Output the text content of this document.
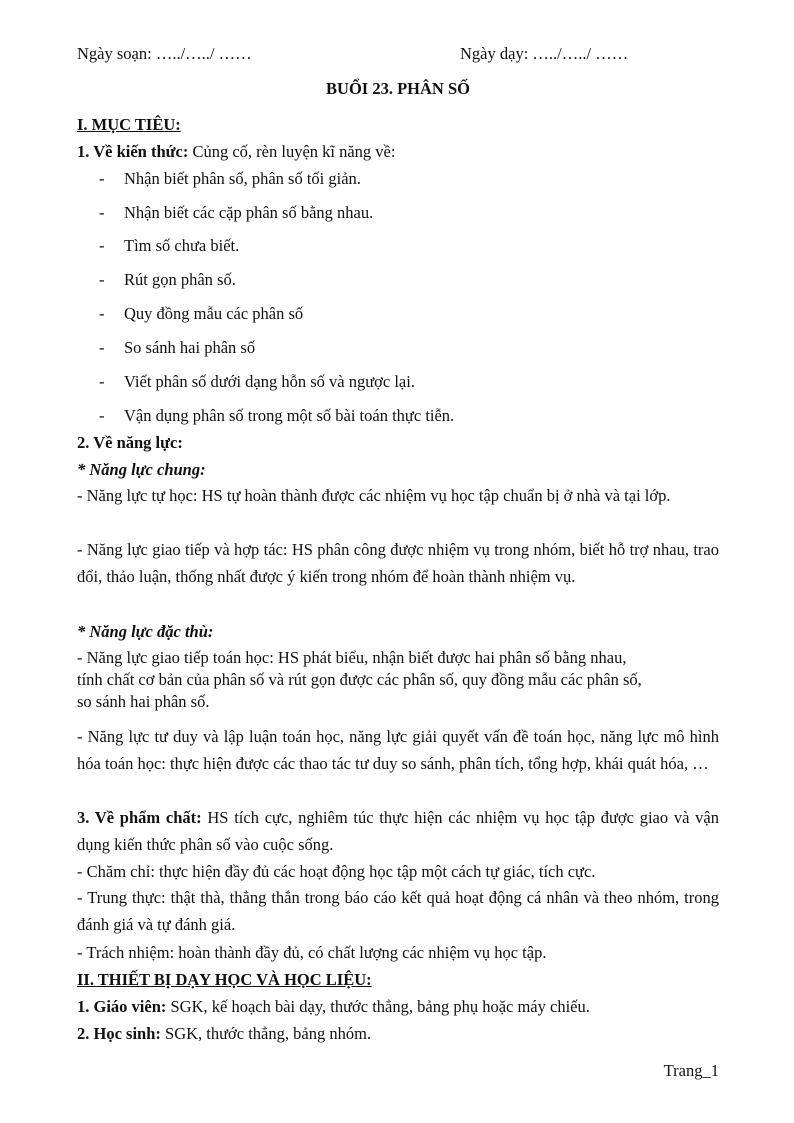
Ngày soạn: …../…../ ……	Ngày dạy: …../…../ ……
BUỔI 23. PHÂN SỐ
I. MỤC TIÊU:
1. Về kiến thức: Củng cố, rèn luyện kĩ năng về:
- Nhận biết phân số, phân số tối giản.
- Nhận biết các cặp phân số bằng nhau.
- Tìm số chưa biết.
- Rút gọn phân số.
- Quy đồng mẫu các phân số
- So sánh hai phân số
- Viết phân số dưới dạng hỗn số và ngược lại.
- Vận dụng phân số trong một số bài toán thực tiễn.
2. Về năng lực:
* Năng lực chung:
- Năng lực tự học: HS tự hoàn thành được các nhiệm vụ học tập chuẩn bị ở nhà và tại lớp.
- Năng lực giao tiếp và hợp tác: HS phân công được nhiệm vụ trong nhóm, biết hỗ trợ nhau, trao đổi, thảo luận, thống nhất được ý kiến trong nhóm để hoàn thành nhiệm vụ.
* Năng lực đặc thù:
- Năng lực giao tiếp toán học: HS phát biểu, nhận biết được hai phân số bằng nhau,
tính chất cơ bản của phân số và rút gọn được các phân số, quy đồng mẫu các phân số,
so sánh hai phân số.
- Năng lực tư duy và lập luận toán học, năng lực giải quyết vấn đề toán học, năng lực mô hình hóa toán học: thực hiện được các thao tác tư duy so sánh, phân tích, tổng hợp, khái quát hóa, …
3. Về phẩm chất: HS tích cực, nghiêm túc thực hiện các nhiệm vụ học tập được giao và vận dụng kiến thức phân số vào cuộc sống.
- Chăm chỉ: thực hiện đầy đủ các hoạt động học tập một cách tự giác, tích cực.
- Trung thực: thật thà, thẳng thắn trong báo cáo kết quả hoạt động cá nhân và theo nhóm, trong đánh giá và tự đánh giá.
- Trách nhiệm: hoàn thành đầy đủ, có chất lượng các nhiệm vụ học tập.
II. THIẾT BỊ DẠY HỌC VÀ HỌC LIỆU:
1. Giáo viên: SGK, kế hoạch bài dạy, thước thẳng, bảng phụ hoặc máy chiếu.
2. Học sinh: SGK, thước thẳng, bảng nhóm.
Trang_1
